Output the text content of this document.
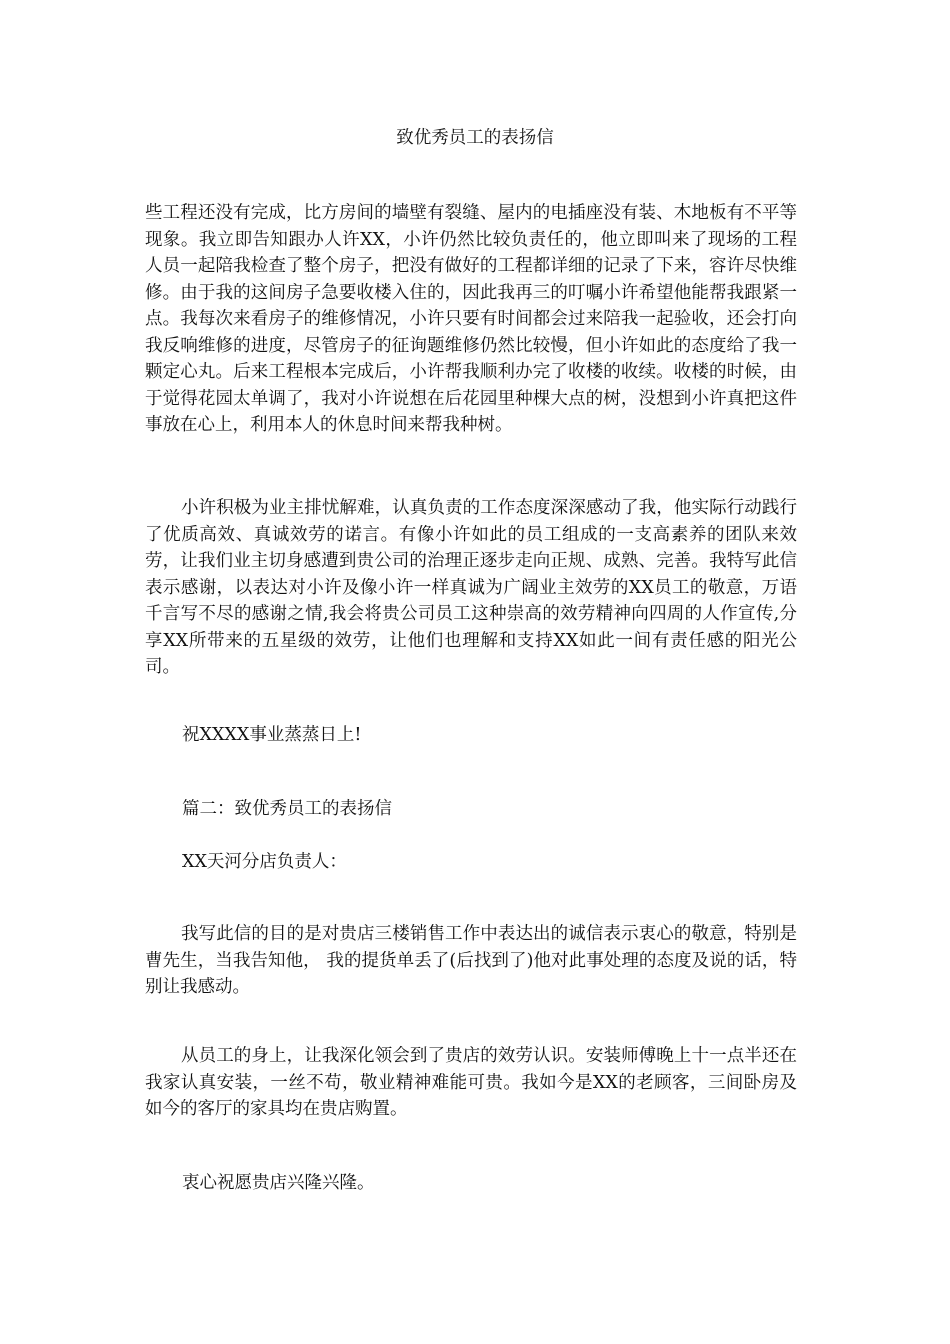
致优秀员工的表扬信

些工程还没有完成，比方房间的墙壁有裂缝、屋内的电插座没有装、木地板有不平等现象。我立即告知跟办人许XX，小许仍然比较负责任的，他立即叫来了现场的工程人员一起陪我检查了整个房子，把没有做好的工程都详细的记录了下来，容许尽快维修。由于我的这间房子急要收楼入住的，因此我再三的叮嘱小许希望他能帮我跟紧一点。我每次来看房子的维修情况，小许只要有时间都会过来陪我一起验收，还会打向我反响维修的进度，尽管房子的征询题维修仍然比较慢，但小许如此的态度给了我一颗定心丸。后来工程根本完成后，小许帮我顺利办完了收楼的收续。收楼的时候，由于觉得花园太单调了，我对小许说想在后花园里种棵大点的树，没想到小许真把这件事放在心上，利用本人的休息时间来帮我种树。

小许积极为业主排忧解难，认真负责的工作态度深深感动了我，他实际行动践行了优质高效、真诚效劳的诺言。有像小许如此的员工组成的一支高素养的团队来效劳，让我们业主切身感遭到贵公司的治理正逐步走向正规、成熟、完善。我特写此信表示感谢，以表达对小许及像小许一样真诚为广阔业主效劳的XX员工的敬意，万语千言写不尽的感谢之情,我会将贵公司员工这种崇高的效劳精神向四周的人作宣传,分享XX所带来的五星级的效劳，让他们也理解和支持XX如此一间有责任感的阳光公司。

祝XXXX事业蒸蒸日上!

篇二：致优秀员工的表扬信

XX天河分店负责人：

我写此信的目的是对贵店三楼销售工作中表达出的诚信表示衷心的敬意，特别是曹先生，当我告知他， 我的提货单丢了(后找到了)他对此事处理的态度及说的话，特别让我感动。

从员工的身上，让我深化领会到了贵店的效劳认识。安装师傅晚上十一点半还在我家认真安装，一丝不苟，敬业精神难能可贵。我如今是XX的老顾客，三间卧房及如今的客厅的家具均在贵店购置。

衷心祝愿贵店兴隆兴隆。
